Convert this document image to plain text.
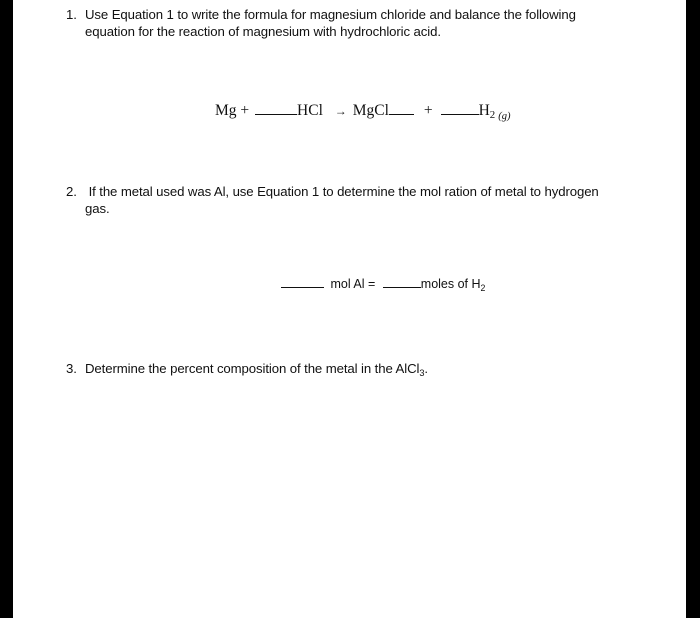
1. Use Equation 1 to write the formula for magnesium chloride and balance the following
equation for the reaction of magnesium with hydrochloric acid.
Mg +	HCl → MgCl +	$H_2$ $_{(g)}$
2. If the metal used was Al, use Equation 1 to determine the mol ration of metal to hydrogen
gas.
mol Al =	moles of $H_2$
3. Determine the percent composition of the metal in the AlCl$_3$.
